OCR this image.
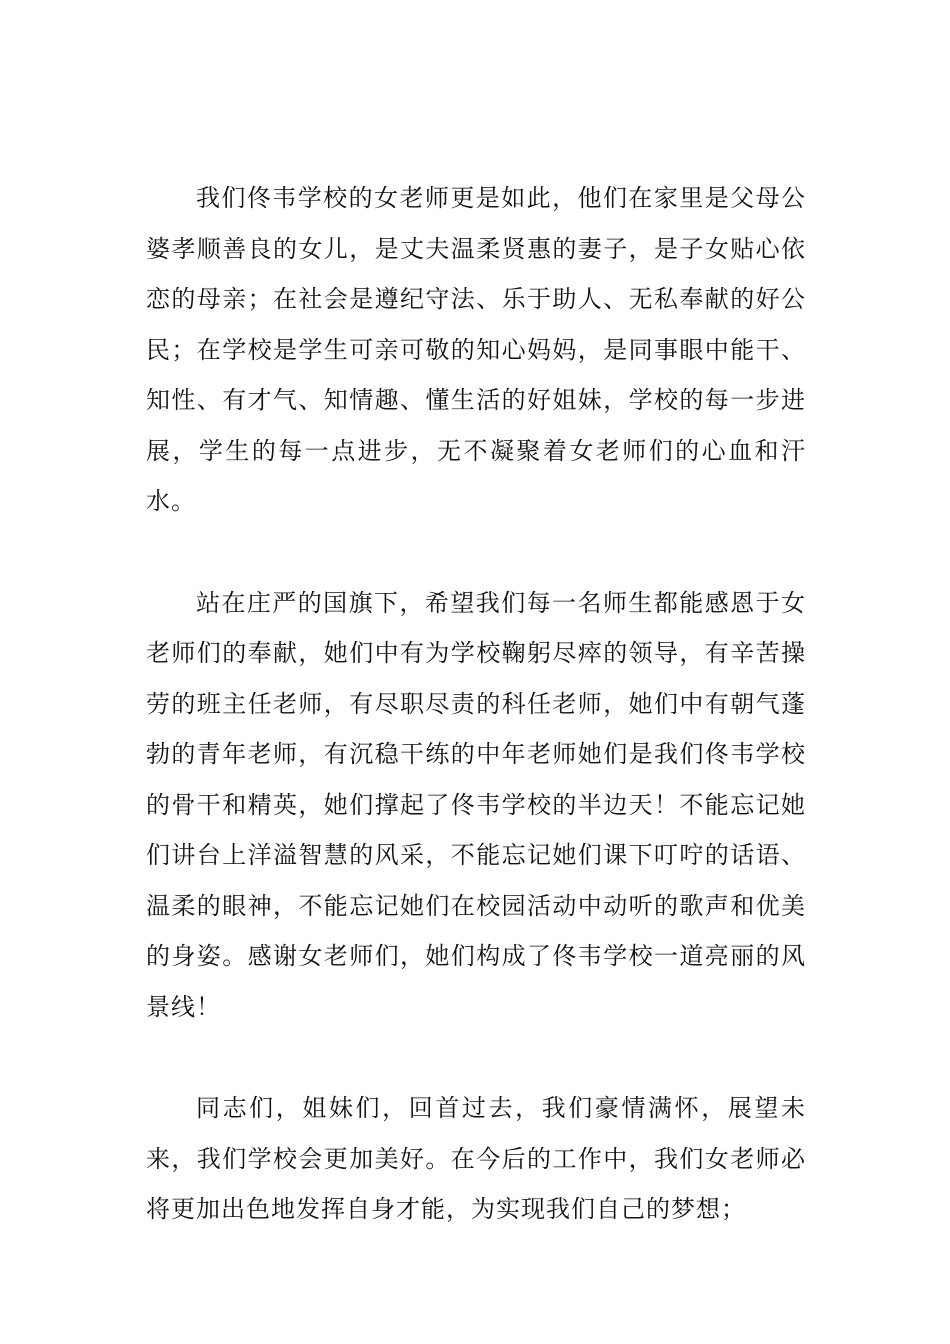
我们佟韦学校的女老师更是如此，他们在家里是父母公婆孝顺善良的女儿，是丈夫温柔贤惠的妻子，是子女贴心依恋的母亲；在社会是遵纪守法、乐于助人、无私奉献的好公民；在学校是学生可亲可敬的知心妈妈，是同事眼中能干、知性、有才气、知情趣、懂生活的好姐妹，学校的每一步进展，学生的每一点进步，无不凝聚着女老师们的心血和汗水。

站在庄严的国旗下，希望我们每一名师生都能感恩于女老师们的奉献，她们中有为学校鞠躬尽瘁的领导，有辛苦操劳的班主任老师，有尽职尽责的科任老师，她们中有朝气蓬勃的青年老师，有沉稳干练的中年老师她们是我们佟韦学校的骨干和精英，她们撑起了佟韦学校的半边天！不能忘记她们讲台上洋溢智慧的风采，不能忘记她们课下叮咛的话语、温柔的眼神，不能忘记她们在校园活动中动听的歌声和优美的身姿。感谢女老师们，她们构成了佟韦学校一道亮丽的风景线！

同志们，姐妹们，回首过去，我们豪情满怀，展望未来，我们学校会更加美好。在今后的工作中，我们女老师必将更加出色地发挥自身才能，为实现我们自己的梦想；
